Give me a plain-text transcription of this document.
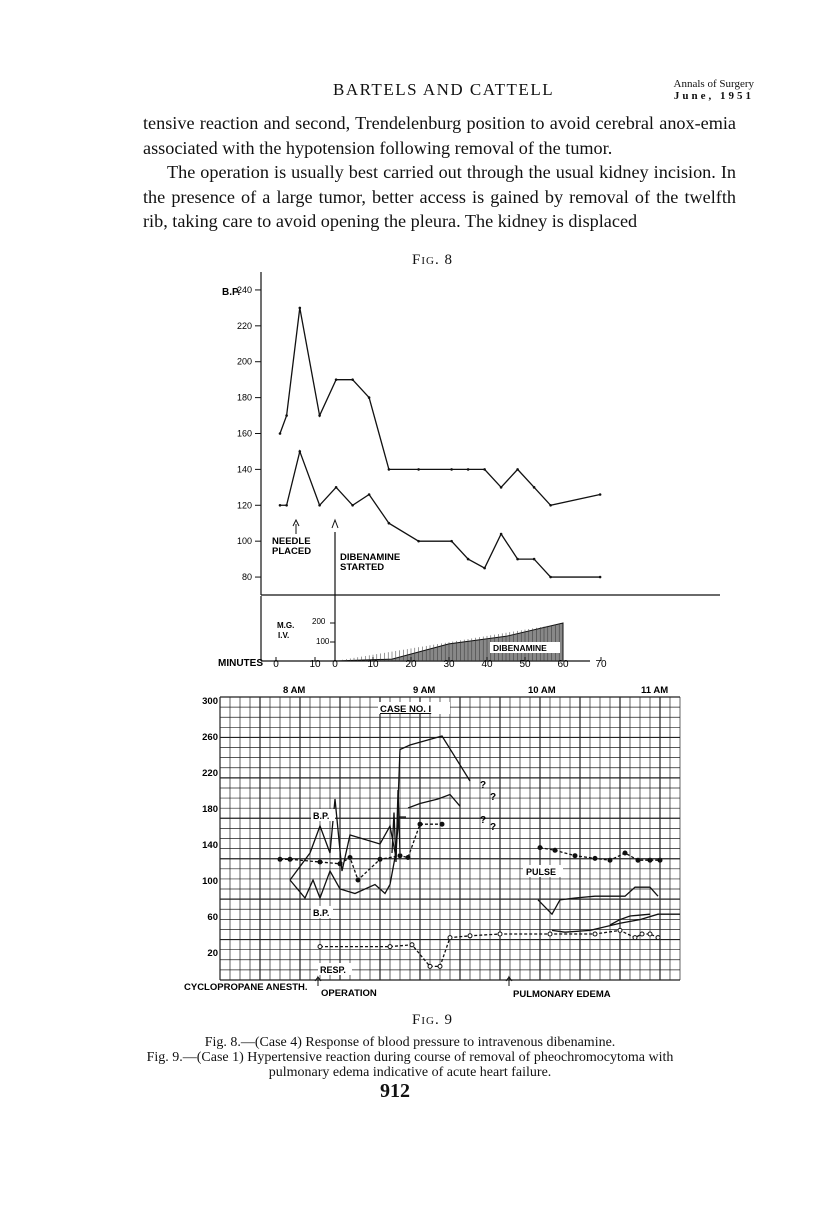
BARTELS AND CATTELL	Annals of Surgery
June, 1951
tensive reaction and second, Trendelenburg position to avoid cerebral anox-emia associated with the hypotension following removal of the tumor.
The operation is usually best carried out through the usual kidney incision. In the presence of a large tumor, better access is gained by removal of the twelfth rib, taking care to avoid opening the pleura. The kidney is displaced
Fig. 8
80
100
120
140
160
180
200
220
240
B.P.
NEEDLE
PLACED
DIBENAMINE
STARTED
M.G.
I.V.
200
100
DIBENAMINE
MINUTES 0	10 0	10	20	30	40	50	60	70
20
60
100
140
180
220
260
300
8 AM	9 AM	10 AM	11 AM
CASE NO. I
B.P.
B.P.
PULSE
RESP.
?
?
?
?
CYCLOPROPANE ANESTH.
OPERATION	PULMONARY EDEMA
Fig. 9
Fig. 8.—(Case 4) Response of blood pressure to intravenous dibenamine.
Fig. 9.—(Case 1) Hypertensive reaction during course of removal of pheochromocytoma with pulmonary edema indicative of acute heart failure.
912
